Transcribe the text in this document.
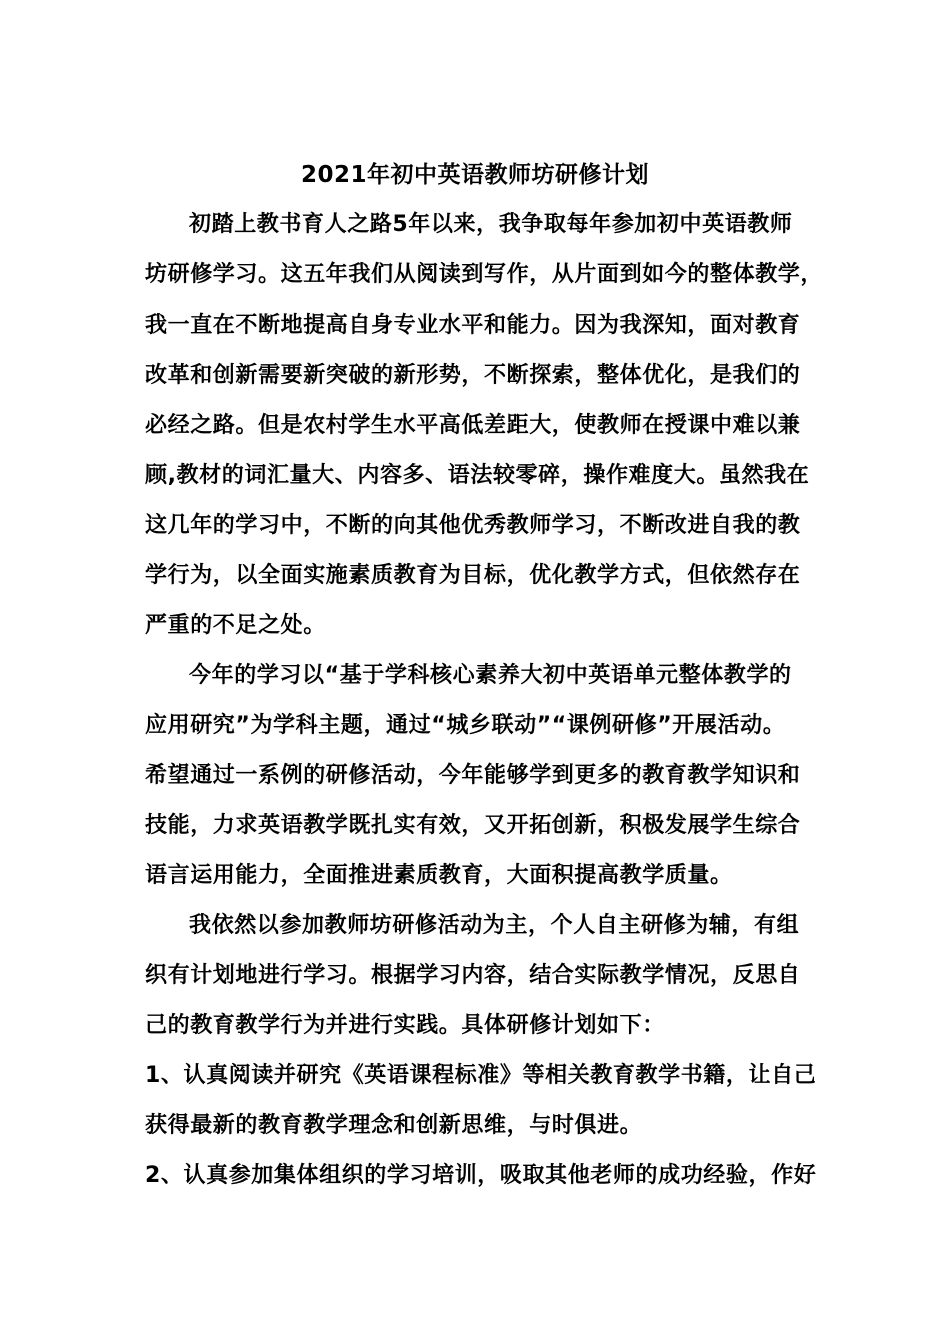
2021年初中英语教师坊研修计划
初踏上教书育人之路5年以来，我争取每年参加初中英语教师
坊研修学习。这五年我们从阅读到写作，从片面到如今的整体教学，
我一直在不断地提高自身专业水平和能力。因为我深知，面对教育
改革和创新需要新突破的新形势，不断探索，整体优化，是我们的
必经之路。但是农村学生水平高低差距大，使教师在授课中难以兼
顾,教材的词汇量大、内容多、语法较零碎，操作难度大。虽然我在
这几年的学习中，不断的向其他优秀教师学习，不断改进自我的教
学行为，以全面实施素质教育为目标，优化教学方式，但依然存在
严重的不足之处。
今年的学习以“基于学科核心素养大初中英语单元整体教学的
应用研究”为学科主题，通过“城乡联动”“课例研修”开展活动。
希望通过一系例的研修活动，今年能够学到更多的教育教学知识和
技能，力求英语教学既扎实有效，又开拓创新，积极发展学生综合
语言运用能力，全面推进素质教育，大面积提高教学质量。
我依然以参加教师坊研修活动为主，个人自主研修为辅，有组
织有计划地进行学习。根据学习内容，结合实际教学情况，反思自
己的教育教学行为并进行实践。具体研修计划如下：
1、认真阅读并研究《英语课程标准》等相关教育教学书籍，让自己
获得最新的教育教学理念和创新思维，与时俱进。
2、认真参加集体组织的学习培训，吸取其他老师的成功经验，作好
